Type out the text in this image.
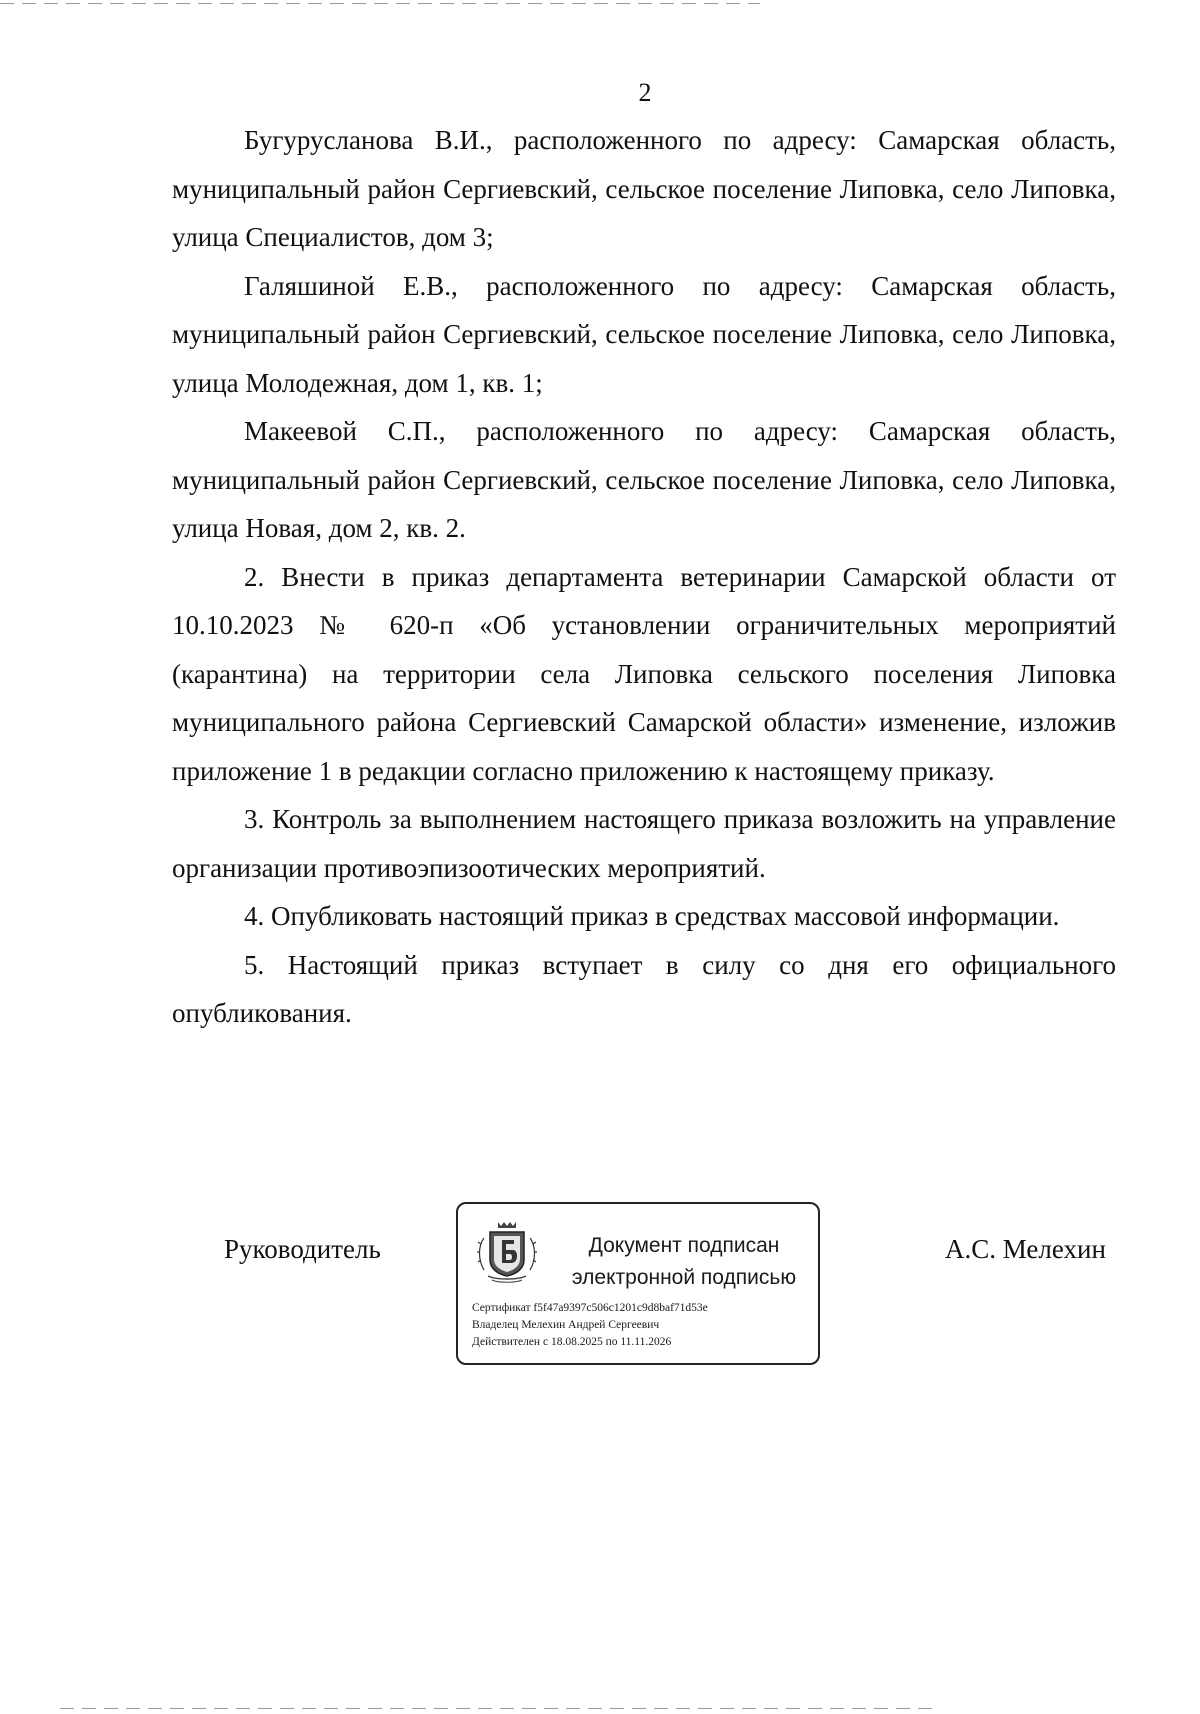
2

Бугурусланова В.И., расположенного по адресу: Самарская область, муниципальный район Сергиевский, сельское поселение Липовка, село Липовка, улица Специалистов, дом 3;

Галяшиной Е.В., расположенного по адресу: Самарская область, муниципальный район Сергиевский, сельское поселение Липовка, село Липовка, улица Молодежная, дом 1, кв. 1;

Макеевой С.П., расположенного по адресу: Самарская область, муниципальный район Сергиевский, сельское поселение Липовка, село Липовка, улица Новая, дом 2, кв. 2.

2. Внести в приказ департамента ветеринарии Самарской области от 10.10.2023 № 620-п «Об установлении ограничительных мероприятий (карантина) на территории села Липовка сельского поселения Липовка муниципального района Сергиевский Самарской области» изменение, изложив приложение 1 в редакции согласно приложению к настоящему приказу.

3. Контроль за выполнением настоящего приказа возложить на управление организации противоэпизоотических мероприятий.

4. Опубликовать настоящий приказ в средствах массовой информации.

5. Настоящий приказ вступает в силу со дня его официального опубликования.

Руководитель	Документ подписан
электронной подписью
Сертификат f5f47a9397c506c1201c9d8baf71d53e
Владелец Мелехин Андрей Сергеевич
Действителен с 18.08.2025 по 11.11.2026
А.С. Мелехин
